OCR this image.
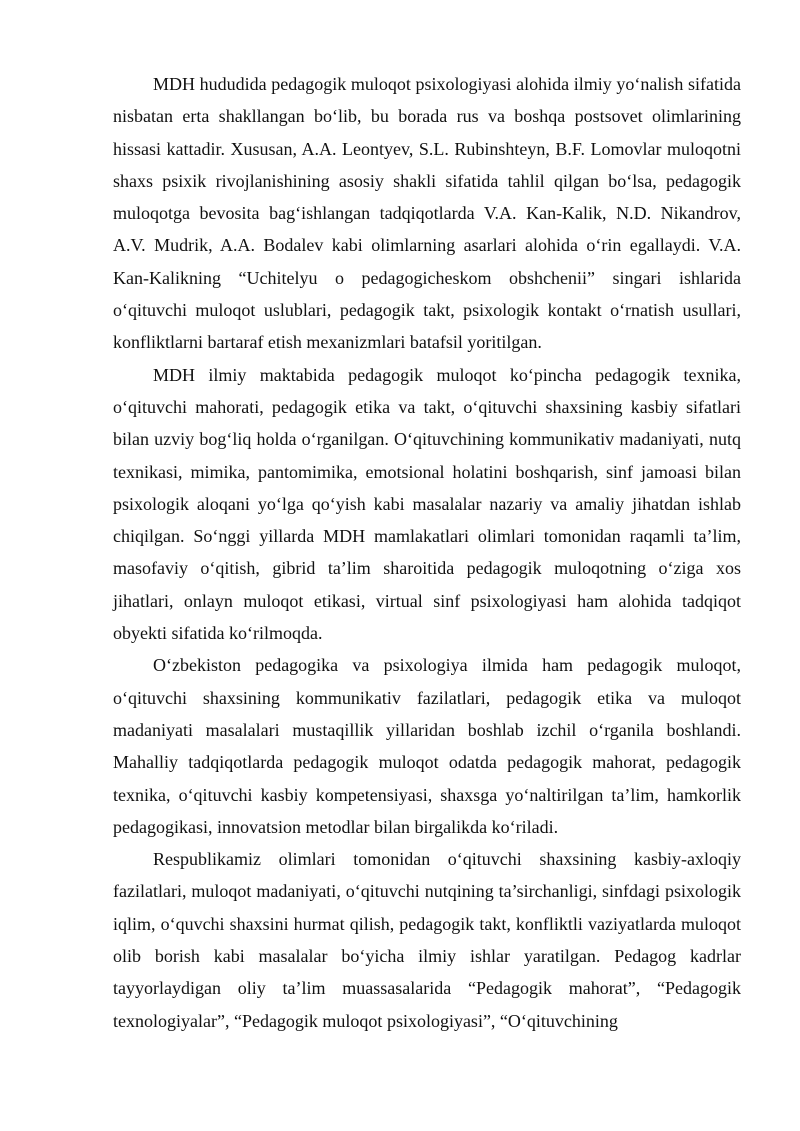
MDH hududida pedagogik muloqot psixologiyasi alohida ilmiy yo‘nalish sifatida nisbatan erta shakllangan bo‘lib, bu borada rus va boshqa postsovet olimlarining hissasi kattadir. Xususan, A.A. Leontyev, S.L. Rubinshteyn, B.F. Lomovlar muloqotni shaxs psixik rivojlanishining asosiy shakli sifatida tahlil qilgan bo‘lsa, pedagogik muloqotga bevosita bag‘ishlangan tadqiqotlarda V.A. Kan-Kalik, N.D. Nikandrov, A.V. Mudrik, A.A. Bodalev kabi olimlarning asarlari alohida o‘rin egallaydi. V.A. Kan-Kalikning “Uchitelyu o pedagogicheskom obshchenii” singari ishlarida o‘qituvchi muloqot uslublari, pedagogik takt, psixologik kontakt o‘rnatish usullari, konfliktlarni bartaraf etish mexanizmlari batafsil yoritilgan.

MDH ilmiy maktabida pedagogik muloqot ko‘pincha pedagogik texnika, o‘qituvchi mahorati, pedagogik etika va takt, o‘qituvchi shaxsining kasbiy sifatlari bilan uzviy bog‘liq holda o‘rganilgan. O‘qituvchining kommunikativ madaniyati, nutq texnikasi, mimika, pantomimika, emotsional holatini boshqarish, sinf jamoasi bilan psixologik aloqani yo‘lga qo‘yish kabi masalalar nazariy va amaliy jihatdan ishlab chiqilgan. So‘nggi yillarda MDH mamlakatlari olimlari tomonidan raqamli ta’lim, masofaviy o‘qitish, gibrid ta’lim sharoitida pedagogik muloqotning o‘ziga xos jihatlari, onlayn muloqot etikasi, virtual sinf psixologiyasi ham alohida tadqiqot obyekti sifatida ko‘rilmoqda.

O‘zbekiston pedagogika va psixologiya ilmida ham pedagogik muloqot, o‘qituvchi shaxsining kommunikativ fazilatlari, pedagogik etika va muloqot madaniyati masalalari mustaqillik yillaridan boshlab izchil o‘rganila boshlandi. Mahalliy tadqiqotlarda pedagogik muloqot odatda pedagogik mahorat, pedagogik texnika, o‘qituvchi kasbiy kompetensiyasi, shaxsga yo‘naltirilgan ta’lim, hamkorlik pedagogikasi, innovatsion metodlar bilan birgalikda ko‘riladi.

Respublikamiz olimlari tomonidan o‘qituvchi shaxsining kasbiy-axloqiy fazilatlari, muloqot madaniyati, o‘qituvchi nutqining ta’sirchanligi, sinfdagi psixologik iqlim, o‘quvchi shaxsini hurmat qilish, pedagogik takt, konfliktli vaziyatlarda muloqot olib borish kabi masalalar bo‘yicha ilmiy ishlar yaratilgan. Pedagog kadrlar tayyorlaydigan oliy ta’lim muassasalarida “Pedagogik mahorat”, “Pedagogik texnologiyalar”, “Pedagogik muloqot psixologiyasi”, “O‘qituvchining
